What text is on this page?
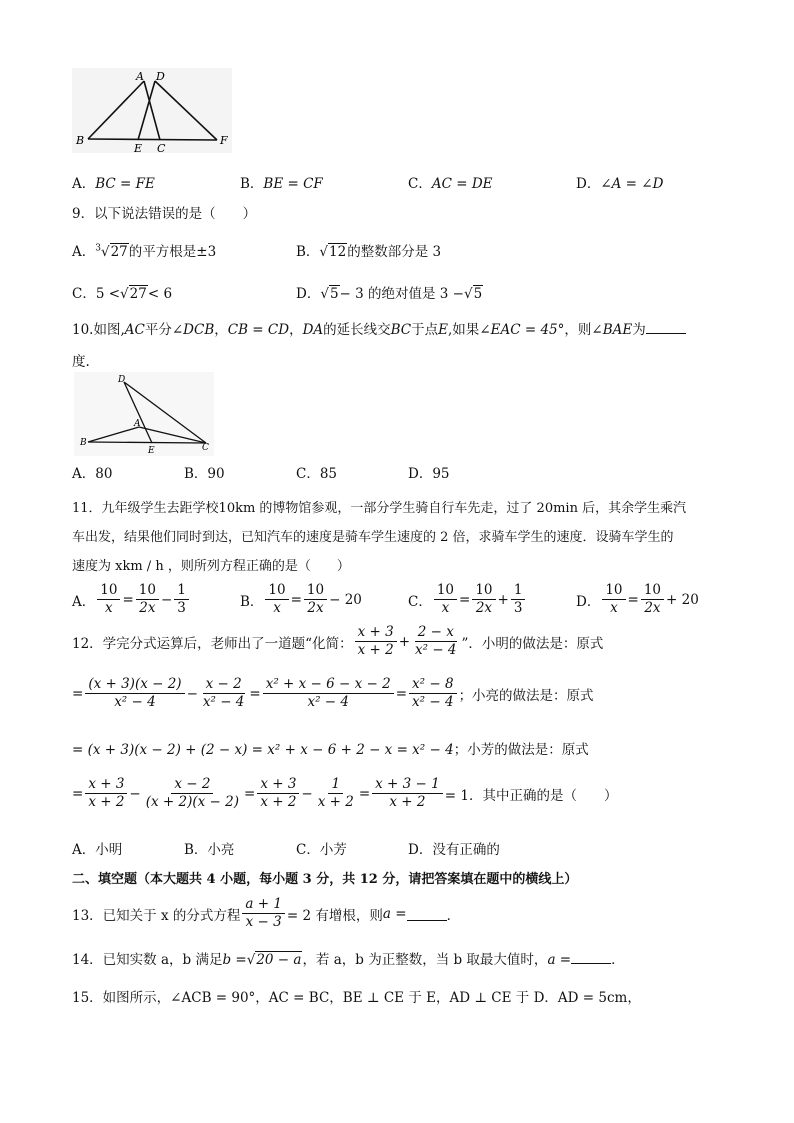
A D
B
E C
F
A．BC = FE	B．BE = CF	C．AC = DE	D．∠A = ∠D
9．以下说法错误的是（　　）
A．$^3$√27的平方根是±3	B．√12的整数部分是 3
C．5 <√27< 6	D．√5− 3 的绝对值是 3 −√5
10.如图,AC平分∠DCB，CB = CD，DA的延长线交BC于点E,如果∠EAC = 45°，则∠BAE为
度.
D
A
B
E	C
A．80	B．90	C．85	D．95
11．九年级学生去距学校10km 的博物馆参观，一部分学生骑自行车先走，过了 20min 后，其余学生乘汽
车出发，结果他们同时到达，已知汽车的速度是骑车学生速度的 2 倍，求骑车学生的速度．设骑车学生的
速度为 xkm / h ，则所列方程正确的是（　　）
A． $\frac{10}{x} = \frac{10}{2x} - \frac{1}{3}$	B． $\frac{10}{x} = \frac{10}{2x} - 20$	C． $\frac{10}{x} = \frac{10}{2x} + \frac{1}{3}$	D． $\frac{10}{x} = \frac{10}{2x} + 20$
12．学完分式运算后，老师出了一道题“化简： $\frac{x + 3}{x + 2} + \frac{2 - x}{\text{x² − 4}}$ ”．小明的做法是：原式
= $\frac{(x + 3)(x - 2)}{\text{x² − 4}} - \frac{x - 2}{\text{x² − 4}} = \frac{\text{x² + x − 6 − x − 2}}{\text{x² − 4}} = \frac{\text{x² − 8}}{\text{x² − 4}}$ ；小亮的做法是：原式
= (x + 3)(x − 2) + (2 − x) = x² + x − 6 + 2 − x = x² − 4；小芳的做法是：原式
= $\frac{x + 3}{x + 2} - \frac{x - 2}{(x + 2)(x - 2)} = \frac{x + 3}{x + 2} - \frac{1}{x + 2} = \frac{x + 3 - 1}{x + 2} = 1$．其中正确的是（　　）
A．小明	B．小亮	C．小芳	D．没有正确的
二、填空题（本大题共 4 小题，每小题 3 分，共 12 分，请把答案填在题中的横线上）
13．已知关于 x 的分式方程 $\frac{a + 1}{x - 3} = 2$ 有增根，则 a =	．
14．已知实数 a，b 满足b =√20 − a，若 a，b 为正整数，当 b 取最大值时，a =	．
15．如图所示，∠ACB = 90°，AC = BC，BE ⊥ CE 于 E，AD ⊥ CE 于 D．AD = 5cm，
